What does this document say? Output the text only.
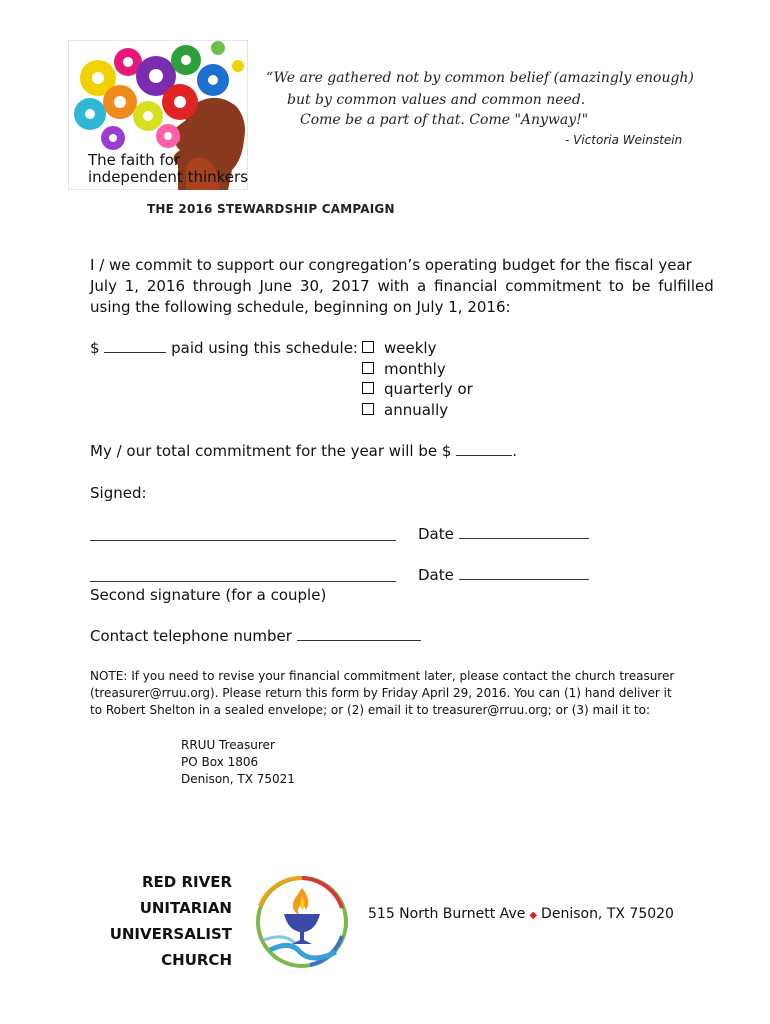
The faith for
independent thinkers
“We are gathered not by common belief (amazingly enough)
but by common values and common need.
Come be a part of that. Come "Anyway!"
- Victoria Weinstein
THE 2016 STEWARDSHIP CAMPAIGN
I / we commit to support our congregation’s operating budget for the fiscal year
July 1, 2016 through June 30, 2017 with a financial commitment to be fulfilled
using the following schedule, beginning on July 1, 2016:
$	paid using this schedule:	weekly
monthly
quarterly or
annually
My / our total commitment for the year will be $	.
Signed:
Date
Date
Second signature (for a couple)
Contact telephone number
NOTE: If you need to revise your financial commitment later, please contact the church treasurer
(treasurer@rruu.org). Please return this form by Friday April 29, 2016. You can (1) hand deliver it
to Robert Shelton in a sealed envelope; or (2) email it to treasurer@rruu.org; or (3) mail it to:
RRUU Treasurer
PO Box 1806
Denison, TX 75021
RED RIVER
UNITARIAN
UNIVERSALIST
CHURCH
515 North Burnett Ave ◆ Denison, TX 75020
